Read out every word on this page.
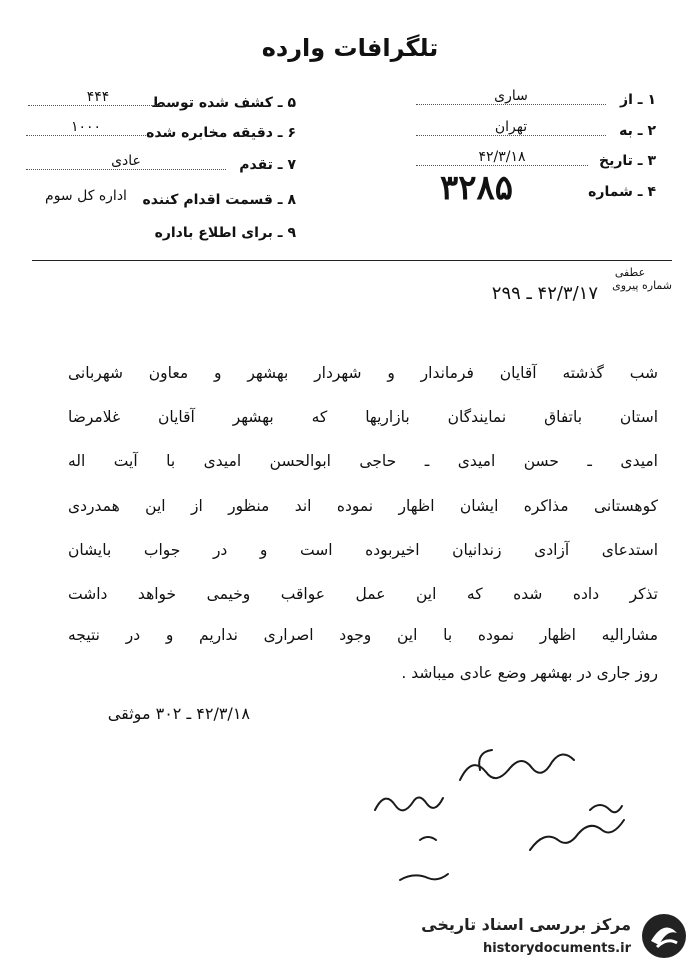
تلگرافات وارده
۱ ـ از
ساری
۲ ـ به
تهران
۳ ـ تاریخ
۴۲/۳/۱۸
۴ ـ شماره
۳۲۸۵
۵ ـ کشف شده توسط
۴۴۴
۶ ـ دقیقه مخابره شده
۱۰۰۰
۷ ـ تقدم
عادی
۸ ـ قسمت اقدام کننده
اداره کل سوم
۹ ـ برای اطلاع باداره
عطفی
شماره پیروی
۴۲/۳/۱۷ ـ ۲۹۹
شب گذشته آقایان فرماندار و شهردار بهشهر و معاون شهربانی
استان باتفاق نمایندگان بازاریها که بهشهر آقایان غلامرضا
امیدی ـ حسن امیدی ـ حاجی ابوالحسن امیدی با آیت اله
کوهستانی مذاکره ایشان اظهار نموده اند منظور از این همدردی
استدعای آزادی زندانیان اخیربوده است و در جواب بایشان
تذکر داده شده که این عمل عواقب وخیمی خواهد داشت
مشارالیه اظهار نموده با این وجود اصراری نداریم و در نتیجه
روز جاری در بهشهر وضع عادی میباشد .
۴۲/۳/۱۸ ـ ۳۰۲ موثقی
مرکز بررسی اسناد تاریخی
historydocuments.ir
